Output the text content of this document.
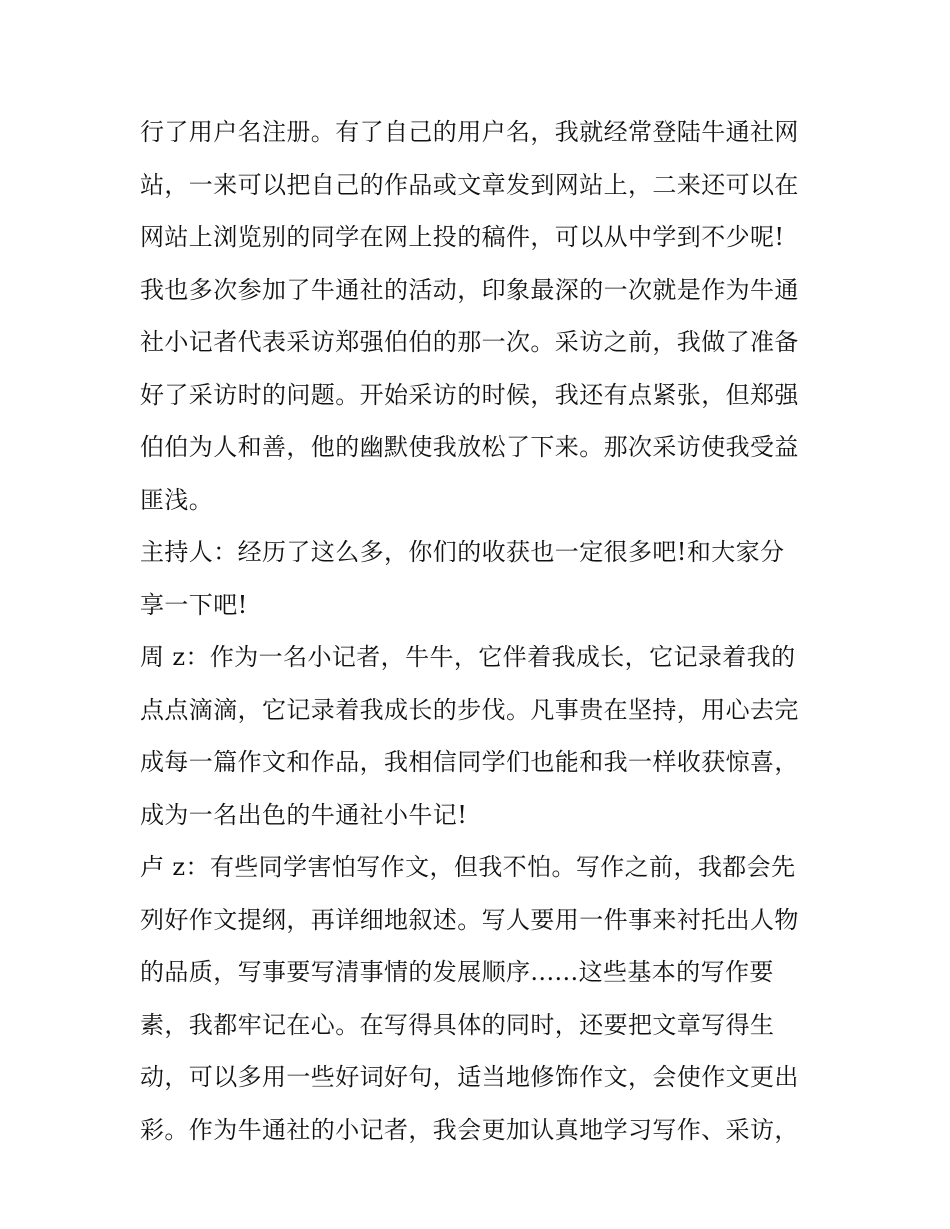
行了用户名注册。有了自己的用户名，我就经常登陆牛通社网
站，一来可以把自己的作品或文章发到网站上，二来还可以在
网站上浏览别的同学在网上投的稿件，可以从中学到不少呢!
我也多次参加了牛通社的活动，印象最深的一次就是作为牛通
社小记者代表采访郑强伯伯的那一次。采访之前，我做了准备
好了采访时的问题。开始采访的时候，我还有点紧张，但郑强
伯伯为人和善，他的幽默使我放松了下来。那次采访使我受益
匪浅。
主持人：经历了这么多，你们的收获也一定很多吧!和大家分
享一下吧!
周 z：作为一名小记者，牛牛，它伴着我成长，它记录着我的
点点滴滴，它记录着我成长的步伐。凡事贵在坚持，用心去完
成每一篇作文和作品，我相信同学们也能和我一样收获惊喜，
成为一名出色的牛通社小牛记!
卢 z：有些同学害怕写作文，但我不怕。写作之前，我都会先
列好作文提纲，再详细地叙述。写人要用一件事来衬托出人物
的品质，写事要写清事情的发展顺序......这些基本的写作要
素，我都牢记在心。在写得具体的同时，还要把文章写得生
动，可以多用一些好词好句，适当地修饰作文，会使作文更出
彩。作为牛通社的小记者，我会更加认真地学习写作、采访，
